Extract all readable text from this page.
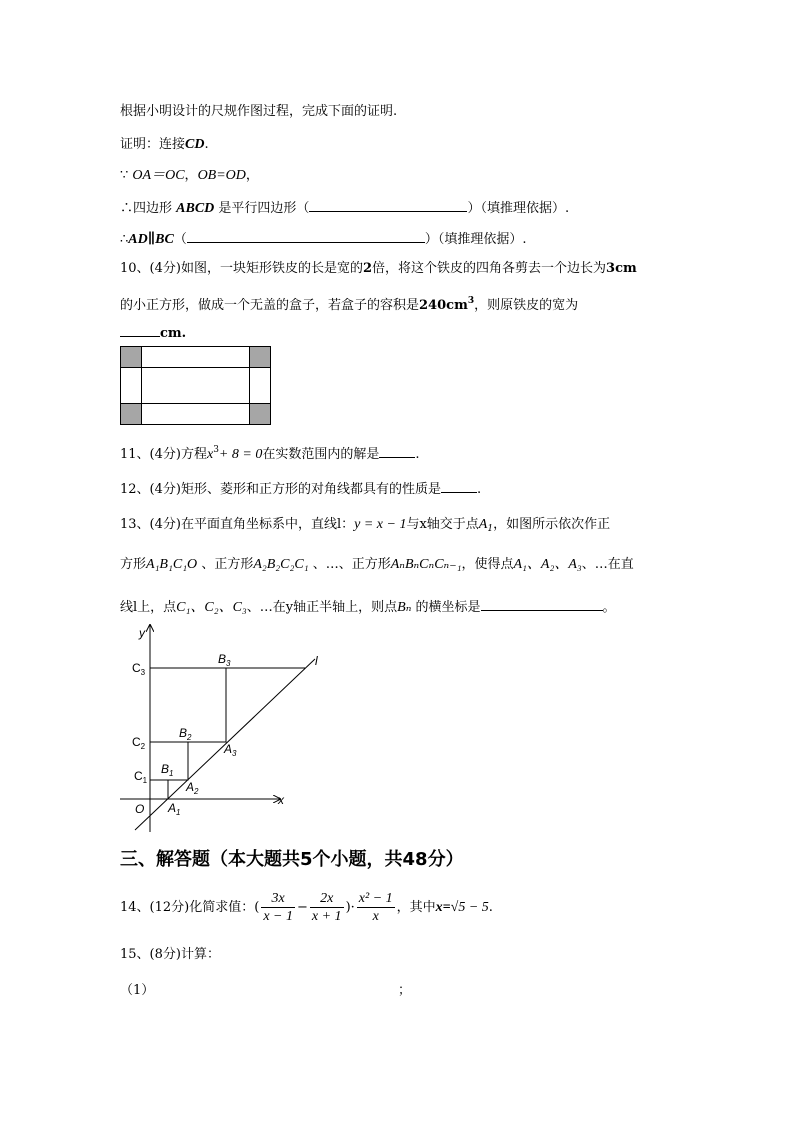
根据小明设计的尺规作图过程，完成下面的证明.
证明：连接CD.
∵ OA＝OC，OB=OD，
∴四边形 ABCD 是平行四边形（	）（填推理依据）.
∴AD∥BC（	）（填推理依据）.
10、(4分)如图，一块矩形铁皮的长是宽的2倍，将这个铁皮的四角各剪去一个边长为3cm
的小正方形，做成一个无盖的盒子，若盒子的容积是$240cm^3$，则原铁皮的宽为
cm.
11、(4分)方程$x^3+ 8 = 0$在实数范围内的解是	.
12、(4分)矩形、菱形和正方形的对角线都具有的性质是	.
13、(4分)在平面直角坐标系中，直线l：y = x − 1与x轴交于点$A_1$，如图所示依次作正
方形A₁B₁C₁O 、正方形A₂B₂C₂C₁ 、…、正方形AₙBₙCₙCₙ₋₁，使得点A₁、A₂、A₃、…在直
线l上，点C₁、C₂、C₃、…在y轴正半轴上，则点Bₙ 的横坐标是	。
y
x
l
O
$C_3$
$C_2$
$C_1$
$B_3$
$B_2$
$B_1$
$A_3$
$A_2$
$A_1$
三、解答题（本大题共5个小题，共48分）
14、(12分)化简求值：( $\frac{3x}{x - 1} - \frac{2x}{x + 1}$ )· $\frac{\text{x² − 1}}{x}$ ，其中x=√5 − 5.
15、(8分)计算：
（1）	；
